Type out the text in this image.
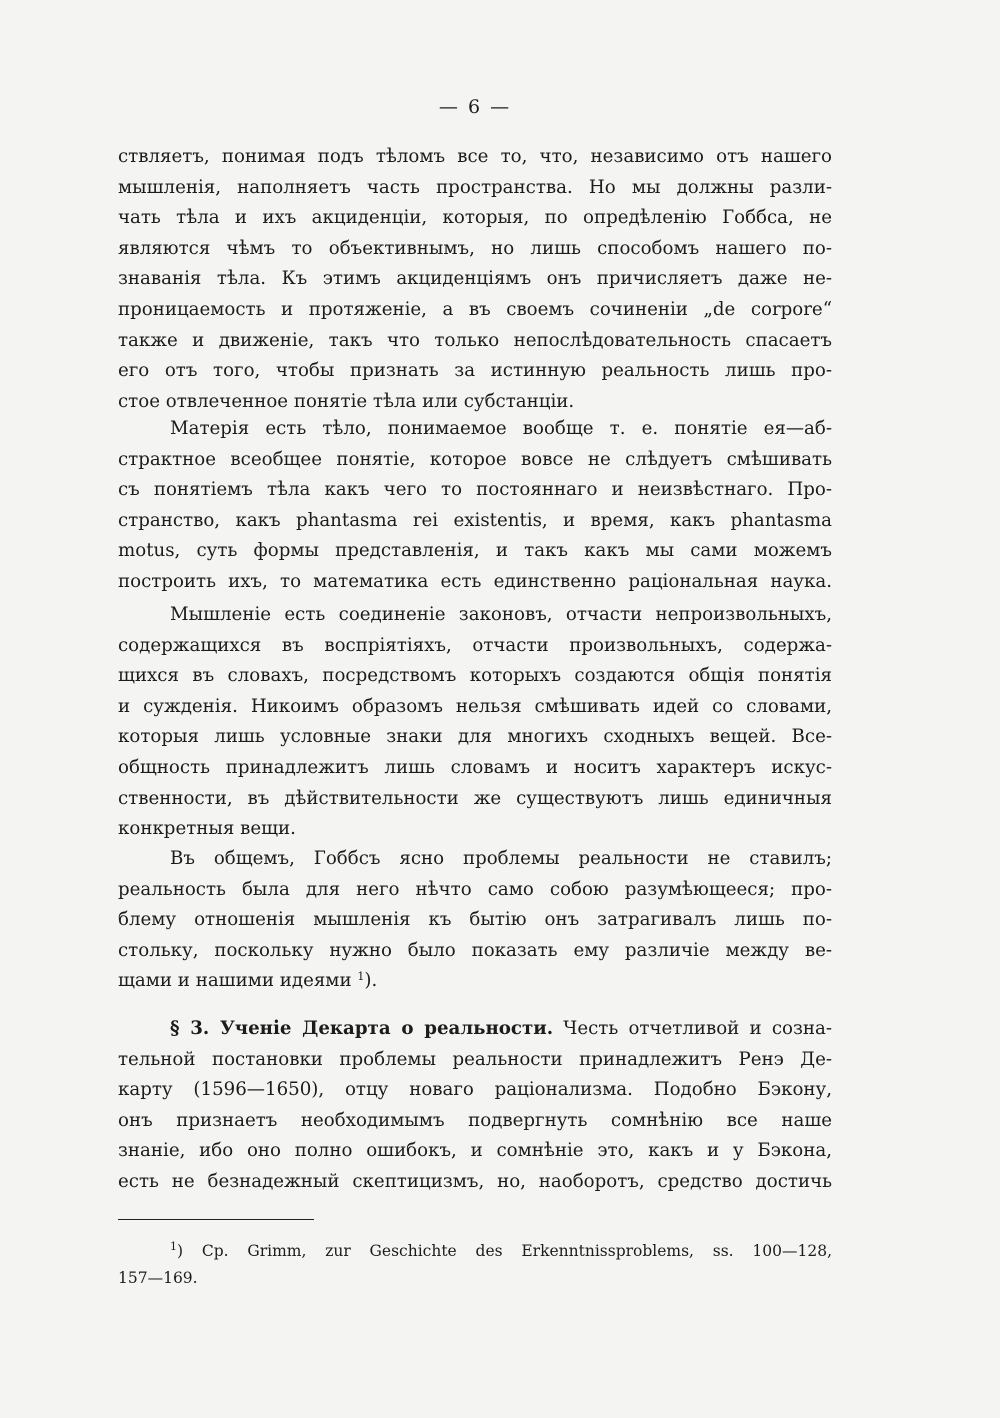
— 6 —
ствляетъ, понимая подъ тѣломъ все то, что, независимо отъ нашего
мышленія, наполняетъ часть пространства. Но мы должны разли-
чать тѣла и ихъ акциденціи, которыя, по опредѣленію Гоббса, не
являются чѣмъ то объективнымъ, но лишь способомъ нашего по-
знаванія тѣла. Къ этимъ акциденціямъ онъ причисляетъ даже не-
проницаемость и протяженіе, а въ своемъ сочиненіи „de corpore“
также и движеніе, такъ что только непослѣдовательность спасаетъ
его отъ того, чтобы признать за истинную реальность лишь про-
стое отвлеченное понятіе тѣла или субстанціи.
Матерія есть тѣло, понимаемое вообще т. е. понятіе ея—аб-
страктное всеобщее понятіе, которое вовсе не слѣдуетъ смѣшивать
съ понятіемъ тѣла какъ чего то постояннаго и неизвѣстнаго. Про-
странство, какъ phantasma rei existentis, и время, какъ phantasma
motus, суть формы представленія, и такъ какъ мы сами можемъ
построить ихъ, то математика есть единственно раціональная наука.
Мышленіе есть соединеніе законовъ, отчасти непроизвольныхъ,
содержащихся въ воспріятіяхъ, отчасти произвольныхъ, содержа-
щихся въ словахъ, посредствомъ которыхъ создаются общія понятія
и сужденія. Никоимъ образомъ нельзя смѣшивать идей со словами,
которыя лишь условные знаки для многихъ сходныхъ вещей. Все-
общность принадлежитъ лишь словамъ и носитъ характеръ искус-
ственности, въ дѣйствительности же существуютъ лишь единичныя
конкретныя вещи.
Въ общемъ, Гоббсъ ясно проблемы реальности не ставилъ;
реальность была для него нѣчто само собою разумѣющееся; про-
блему отношенія мышленія къ бытію онъ затрагивалъ лишь по-
стольку, поскольку нужно было показать ему различіе между ве-
щами и нашими идеями $^1$).
§ 3. Ученіе Декарта о реальности. Честь отчетливой и созна-
тельной постановки проблемы реальности принадлежитъ Ренэ Де-
карту (1596—1650), отцу новаго раціонализма. Подобно Бэкону,
онъ признаетъ необходимымъ подвергнуть сомнѣнію все наше
знаніе, ибо оно полно ошибокъ, и сомнѣніе это, какъ и у Бэкона,
есть не безнадежный скептицизмъ, но, наоборотъ, средство достичь
$^1$) Ср. Grimm, zur Geschichte des Erkenntnissproblems, ss. 100—128,
157—169.
